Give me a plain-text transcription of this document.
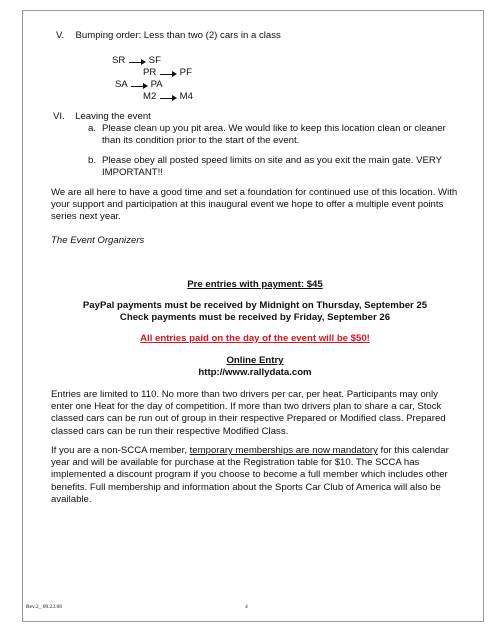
V. Bumping order: Less than two (2) cars in a class
SR SF
PR PF
SA PA
M2 M4
VI. Leaving the event
a. Please clean up you pit area. We would like to keep this location clean or cleaner
than its condition prior to the start of the event.
b. Please obey all posted speed limits on site and as you exit the main gate. VERY
IMPORTANT!!
We are all here to have a good time and set a foundation for continued use of this location. With
your support and participation at this inaugural event we hope to offer a multiple event points
series next year.
The Event Organizers
Pre entries with payment: $45
PayPal payments must be received by Midnight on Thursday, September 25
Check payments must be received by Friday, September 26
All entries paid on the day of the event will be $50!
Online Entry
http://www.rallydata.com
Entries are limited to 110. No more than two drivers per car, per heat. Participants may only
enter one Heat for the day of competition. If more than two drivers plan to share a car, Stock
classed cars can be run out of group in their respective Prepared or Modified class. Prepared
classed cars can be run their respective Modified Class.
If you are a non-SCCA member, temporary memberships are now mandatory for this calendar
year and will be available for purchase at the Registration table for $10. The SCCA has
implemented a discount program if you choose to become a full member which includes other
benefits. Full membership and information about the Sports Car Club of America will also be
available.
Rev.2_ 09.23.08	4
